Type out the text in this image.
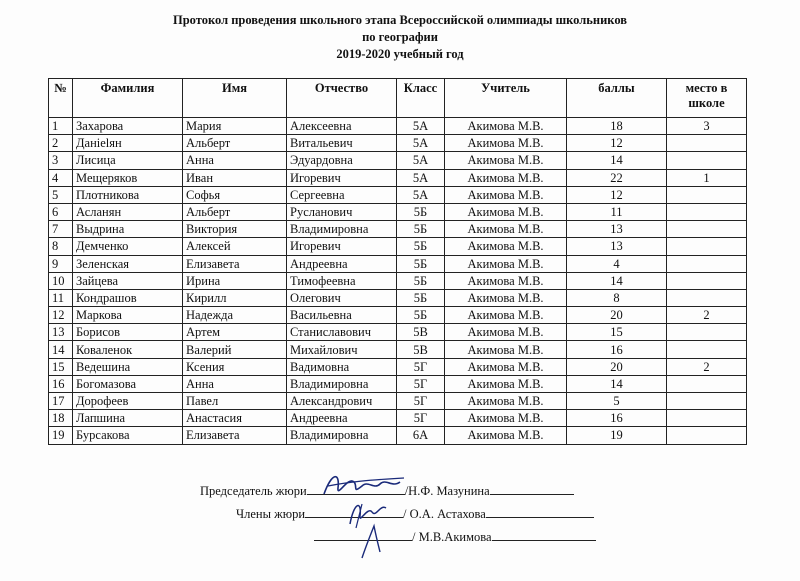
Протокол проведения школьного этапа Всероссийской олимпиады школьников
по географии
2019-2020 учебный год
№	Фамилия	Имя	Отчество	Класс	Учитель	баллы	место в школе
1	Захарова	Мария	Алексеевна	5А	Акимова М.В.	18	3
2	Данielян	Альберт	Витальевич	5А	Акимова М.В.	12	
3	Лисица	Анна	Эдуардовна	5А	Акимова М.В.	14	
4	Мещеряков	Иван	Игоревич	5А	Акимова М.В.	22	1
5	Плотникова	Софья	Сергеевна	5А	Акимова М.В.	12	
6	Асланян	Альберт	Русланович	5Б	Акимова М.В.	11	
7	Выдрина	Виктория	Владимировна	5Б	Акимова М.В.	13	
8	Демченко	Алексей	Игоревич	5Б	Акимова М.В.	13	
9	Зеленская	Елизавета	Андреевна	5Б	Акимова М.В.	4	
10	Зайцева	Ирина	Тимофеевна	5Б	Акимова М.В.	14	
11	Кондрашов	Кирилл	Олегович	5Б	Акимова М.В.	8	
12	Маркова	Надежда	Васильевна	5Б	Акимова М.В.	20	2
13	Борисов	Артем	Станиславович	5В	Акимова М.В.	15	
14	Коваленок	Валерий	Михайлович	5В	Акимова М.В.	16	
15	Ведешина	Ксения	Вадимовна	5Г	Акимова М.В.	20	2
16	Богомазова	Анна	Владимировна	5Г	Акимова М.В.	14	
17	Дорофеев	Павел	Александрович	5Г	Акимова М.В.	5	
18	Лапшина	Анастасия	Андреевна	5Г	Акимова М.В.	16	
19	Бурсакова	Елизавета	Владимировна	6А	Акимова М.В.	19	
Председатель жюри	/Н.Ф. Мазунина
Члены жюри	/ О.А. Астахова
/ М.В.Акимова
